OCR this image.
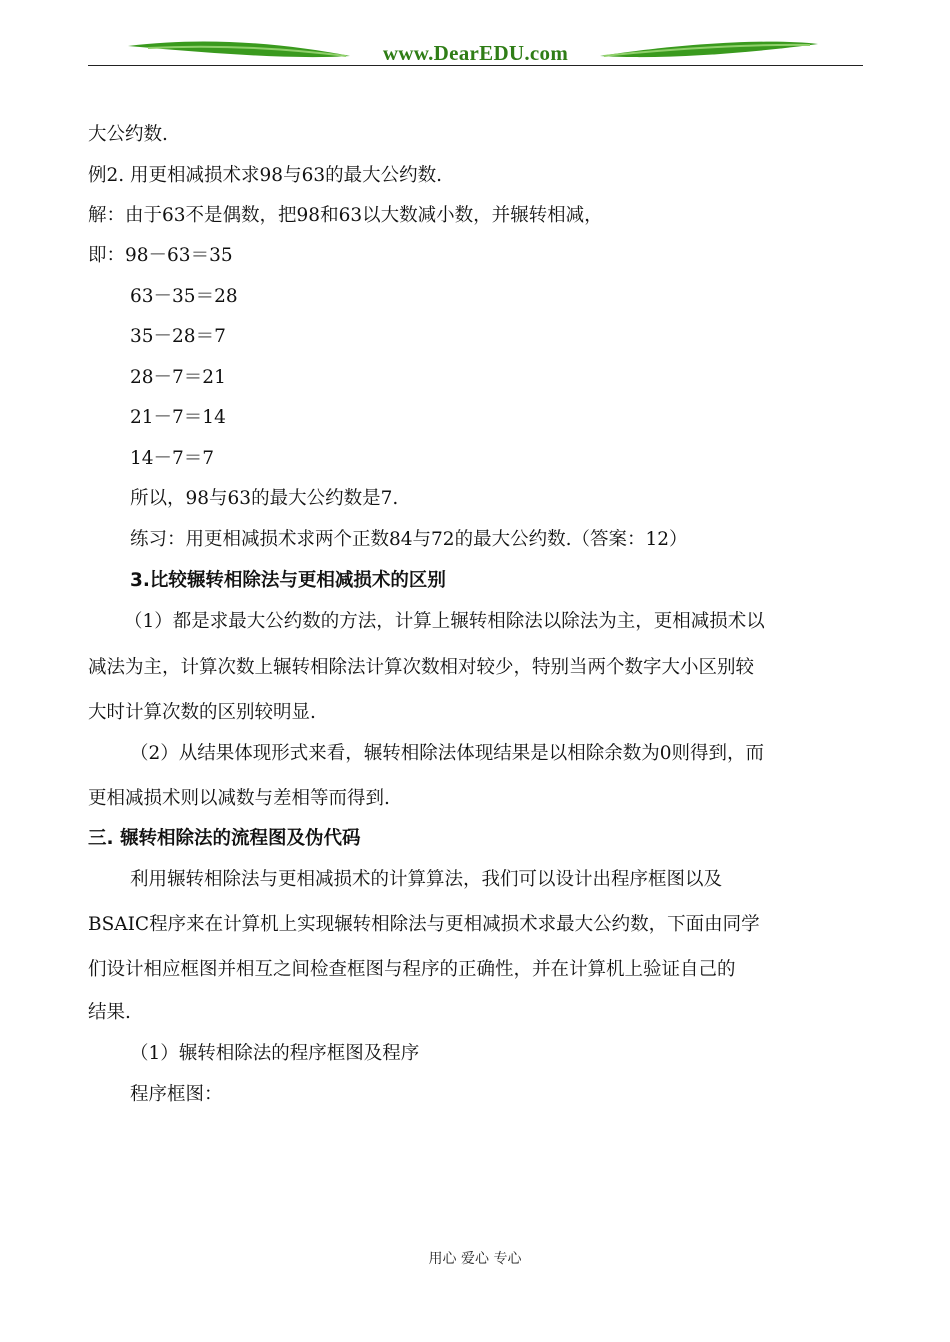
www.DearEDU.com
大公约数.
例2. 用更相减损术求98与63的最大公约数.
解：由于63不是偶数，把98和63以大数减小数，并辗转相减，
即：98－63＝35
63－35＝28
35－28＝7
28－7＝21
21－7＝14
14－7＝7
所以，98与63的最大公约数是7.
练习：用更相减损术求两个正数84与72的最大公约数.（答案：12）
3.比较辗转相除法与更相减损术的区别
（1）都是求最大公约数的方法，计算上辗转相除法以除法为主，更相减损术以
减法为主，计算次数上辗转相除法计算次数相对较少，特别当两个数字大小区别较
大时计算次数的区别较明显.
（2）从结果体现形式来看，辗转相除法体现结果是以相除余数为0则得到，而
更相减损术则以减数与差相等而得到.
三. 辗转相除法的流程图及伪代码
利用辗转相除法与更相减损术的计算算法，我们可以设计出程序框图以及
BSAIC程序来在计算机上实现辗转相除法与更相减损术求最大公约数，下面由同学
们设计相应框图并相互之间检查框图与程序的正确性，并在计算机上验证自己的
结果.
（1）辗转相除法的程序框图及程序
程序框图：
用心 爱心 专心
